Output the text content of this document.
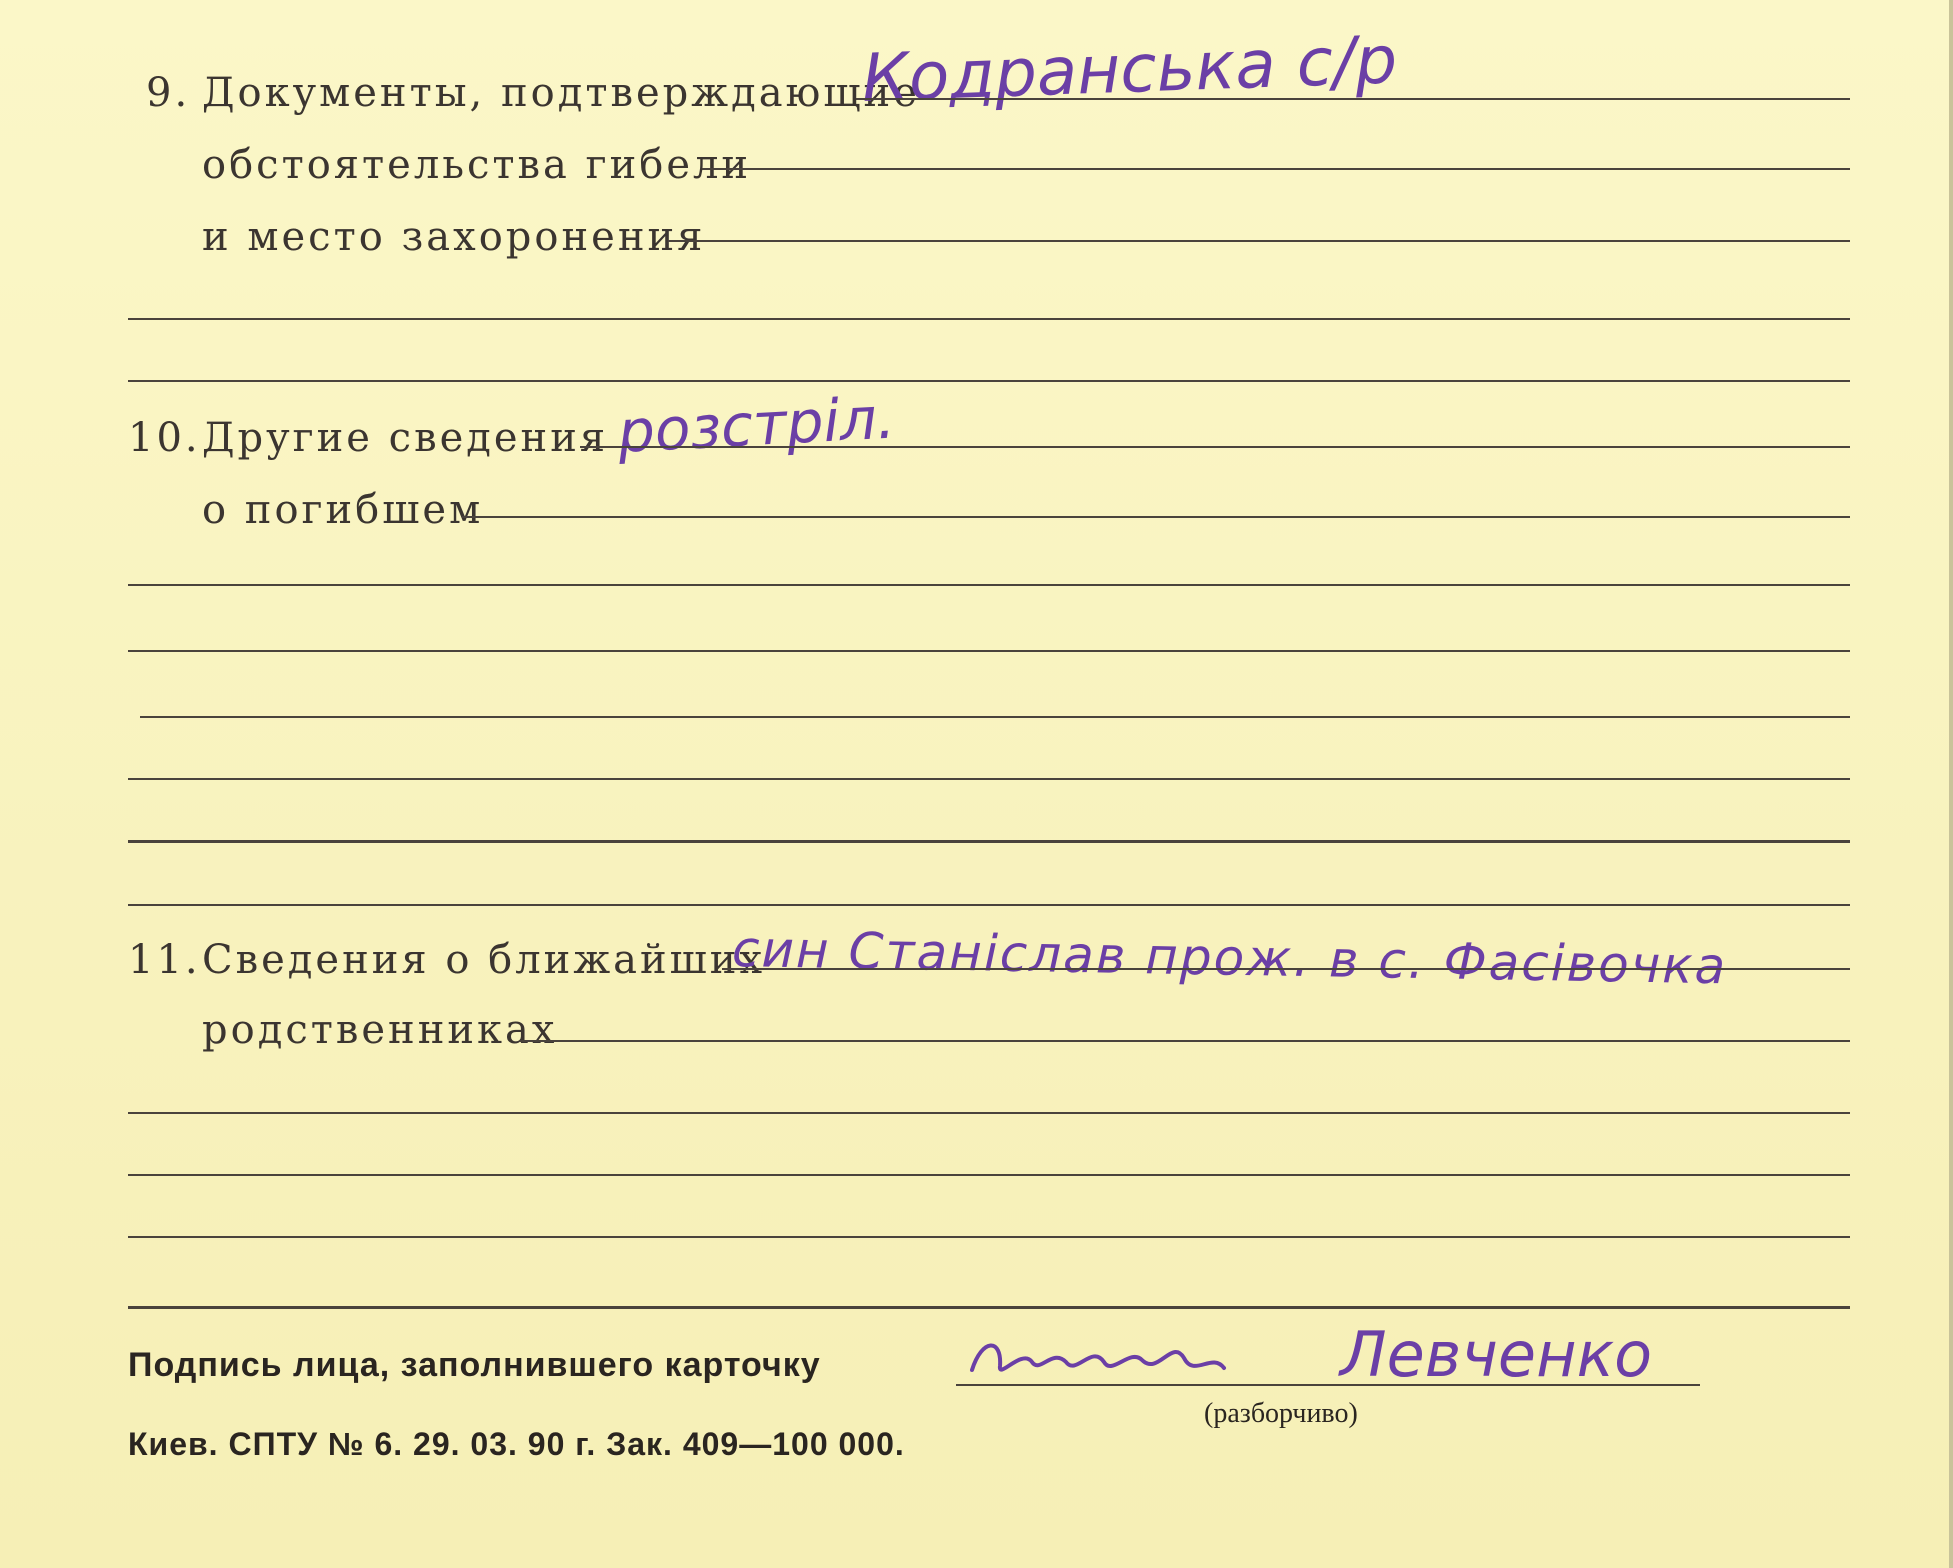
9. Документы, подтверждающие
обстоятельства гибели
и место захоронения
Кодранська с/р
10. Другие сведения
о погибшем
розстріл.
11. Сведения о ближайших
родственниках
син Станіслав прож. в с. Фасівочка
Подпись лица, заполнившего карточку	Левченко
(разборчиво)
Киев. СПТУ № 6. 29. 03. 90 г. Зак. 409—100 000.
